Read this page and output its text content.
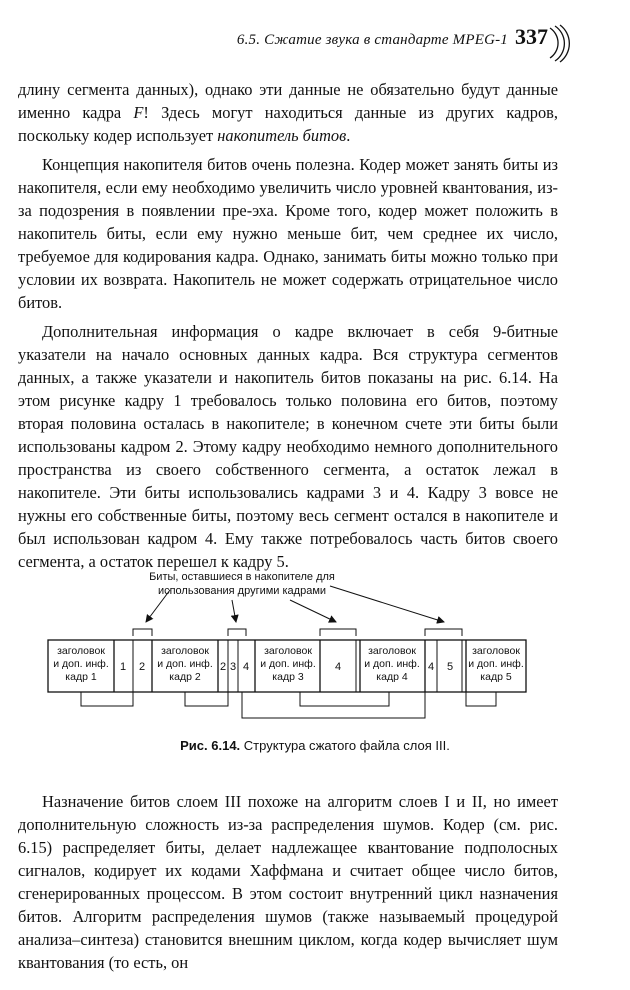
6.5. Сжатие звука в стандарте MPEG-1 337

длину сегмента данных), однако эти данные не обязательно будут данные именно кадра F! Здесь могут находиться данные из других кадров, поскольку кодер использует накопитель битов.

Концепция накопителя битов очень полезна. Кодер может занять биты из накопителя, если ему необходимо увеличить число уровней квантования, из-за подозрения в появлении пре-эха. Кроме того, кодер может положить в накопитель биты, если ему нужно меньше бит, чем среднее их число, требуемое для кодирования кадра. Однако, занимать биты можно только при условии их возврата. Накопитель не может содержать отрицательное число битов.

Дополнительная информация о кадре включает в себя 9-битные указатели на начало основных данных кадра. Вся структура сегментов данных, а также указатели и накопитель битов показаны на рис. 6.14. На этом рисунке кадру 1 требовалось только половина его битов, поэтому вторая половина осталась в накопителе; в конечном счете эти биты были использованы кадром 2. Этому кадру необходимо немного дополнительного пространства из своего собственного сегмента, а остаток лежал в накопителе. Эти биты использовались кадрами 3 и 4. Кадру 3 вовсе не нужны его собственные биты, поэтому весь сегмент остался в накопителе и был использован кадром 4. Ему также потребовалось часть битов своего сегмента, а остаток перешел к кадру 5.

Биты, оставшиеся в накопителе для
использования другими кадрами
заголовок
и доп. инф.
кадр 1
заголовок
и доп. инф.
кадр 2
заголовок
и доп. инф.
кадр 3
заголовок
и доп. инф.
кадр 4
заголовок
и доп. инф.
кадр 5
1 2	2 3 4	4	4 5
Рис. 6.14. Структура сжатого файла слоя III.

Назначение битов слоем III похоже на алгоритм слоев I и II, но имеет дополнительную сложность из-за распределения шумов. Кодер (см. рис. 6.15) распределяет биты, делает надлежащее квантование подполосных сигналов, кодирует их кодами Хаффмана и считает общее число битов, сгенерированных процессом. В этом состоит внутренний цикл назначения битов. Алгоритм распределения шумов (также называемый процедурой анализа–синтеза) становится внешним циклом, когда кодер вычисляет шум квантования (то есть, он
